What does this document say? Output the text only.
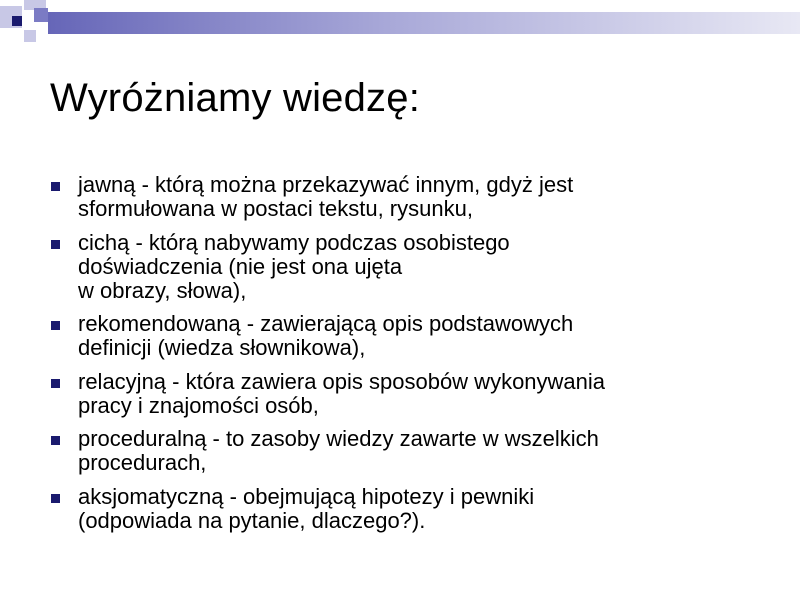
Wyróżniamy wiedzę:
jawną - którą można przekazywać innym, gdyż jest
sformułowana w postaci tekstu, rysunku,
cichą - którą nabywamy podczas osobistego
doświadczenia (nie jest ona ujęta
w obrazy, słowa),
rekomendowaną - zawierającą opis podstawowych
definicji (wiedza słownikowa),
relacyjną - która zawiera opis sposobów wykonywania
pracy i znajomości osób,
proceduralną - to zasoby wiedzy zawarte w wszelkich
procedurach,
aksjomatyczną - obejmującą hipotezy i pewniki
(odpowiada na pytanie, dlaczego?).
